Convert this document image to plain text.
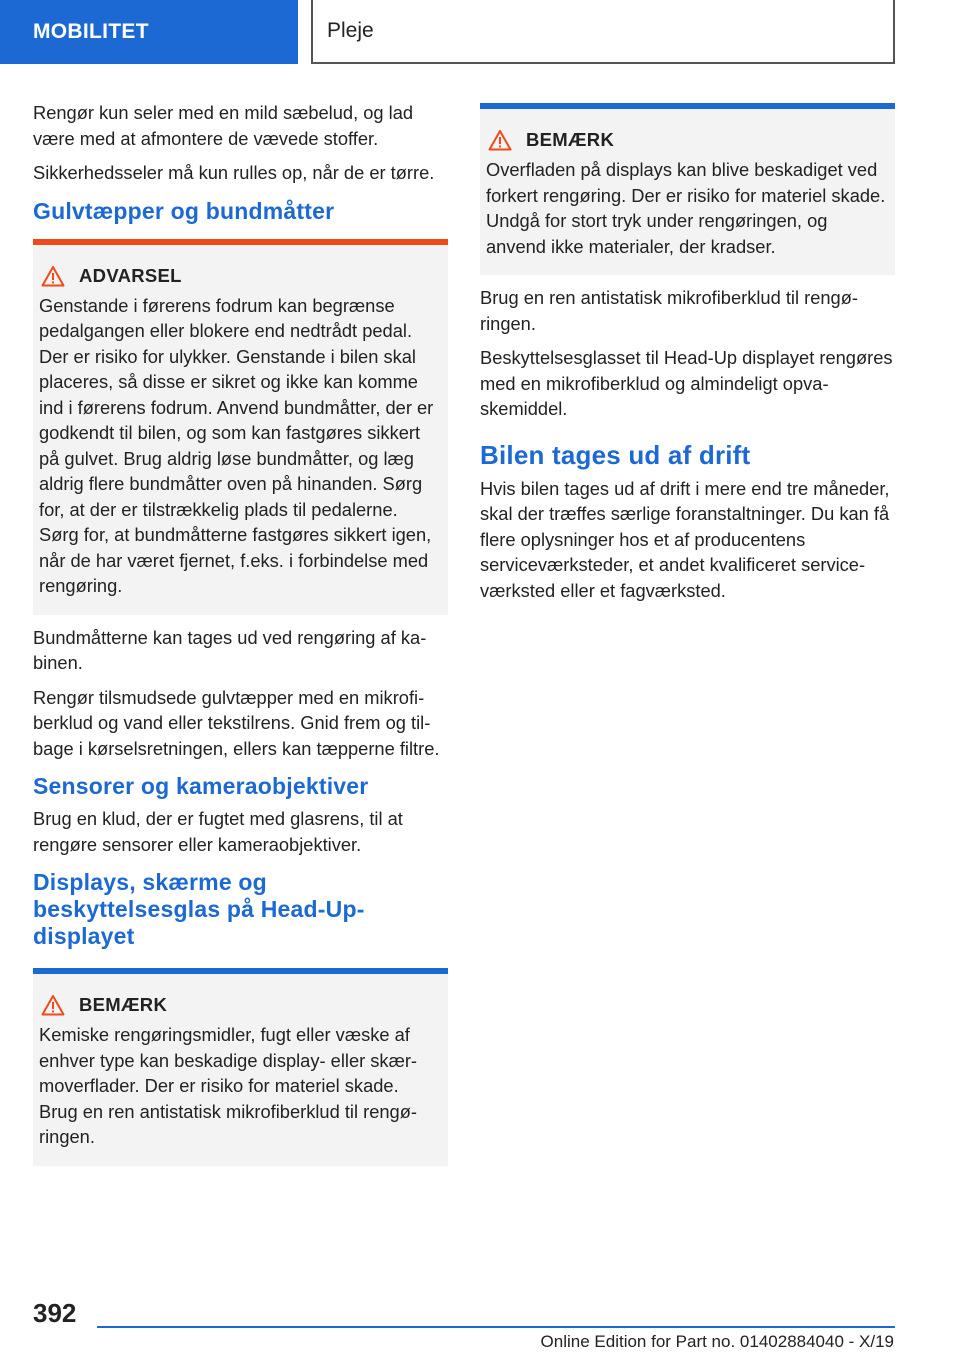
MOBILITET	Pleje

Rengør kun seler med en mild sæbelud, og lad være med at afmontere de vævede stoffer.

Sikkerhedsseler må kun rulles op, når de er tørre.

Gulvtæpper og bundmåtter
ADVARSEL

Genstande i førerens fodrum kan begrænse pedalgangen eller blokere end nedtrådt pedal. Der er risiko for ulykker. Genstande i bilen skal placeres, så disse er sikret og ikke kan komme ind i førerens fodrum. Anvend bundmåtter, der er godkendt til bilen, og som kan fastgøres sikkert på gulvet. Brug aldrig løse bundmåtter, og læg aldrig flere bundmåtter oven på hinanden. Sørg for, at der er tilstrækkelig plads til pedalerne. Sørg for, at bundmåtterne fastgøres sikkert igen, når de har været fjernet, f.eks. i forbindelse med rengøring.

Bundmåtterne kan tages ud ved rengøring af kabinen.

Rengør tilsmudsede gulvtæpper med en mikrofiberklud og vand eller tekstilrens. Gnid frem og tilbage i kørselsretningen, ellers kan tæpperne filtre.

Sensorer og kameraobjektiver

Brug en klud, der er fugtet med glasrens, til at rengøre sensorer eller kameraobjektiver.

Displays, skærme og beskyttelsesglas på Head-Up-displayet
BEMÆRK

Kemiske rengøringsmidler, fugt eller væske af enhver type kan beskadige display- eller skærmoverflader. Der er risiko for materiel skade. Brug en ren antistatisk mikrofiberklud til rengøringen.

BEMÆRK

Overfladen på displays kan blive beskadiget ved forkert rengøring. Der er risiko for materiel skade. Undgå for stort tryk under rengøringen, og anvend ikke materialer, der kradser.

Brug en ren antistatisk mikrofiberklud til rengøringen.

Beskyttelsesglasset til Head-Up displayet rengøres med en mikrofiberklud og almindeligt opvaskemiddel.

Bilen tages ud af drift

Hvis bilen tages ud af drift i mere end tre måneder, skal der træffes særlige foranstaltninger. Du kan få flere oplysninger hos et af producentens serviceværksteder, et andet kvalificeret serviceværksted eller et fagværksted.

392
Online Edition for Part no. 01402884040 - X/19
